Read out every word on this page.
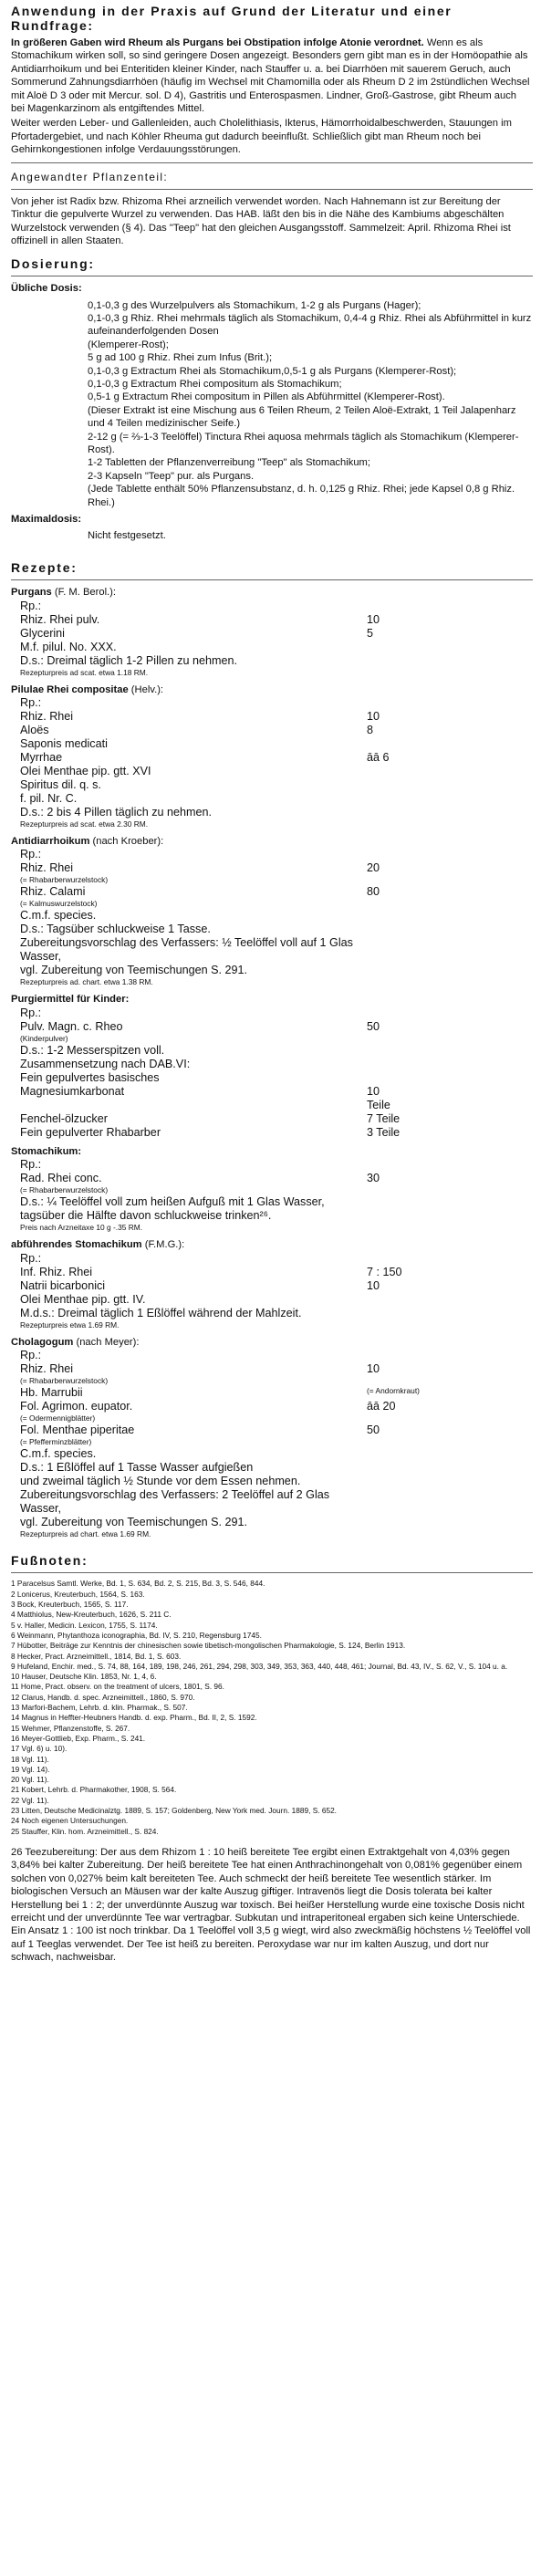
Anwendung in der Praxis auf Grund der Literatur und einer Rundfrage:
In größeren Gaben wird Rheum als Purgans bei Obstipation infolge Atonie verordnet. Wenn es als Stomachikum wirken soll, so sind geringere Dosen angezeigt. Besonders gern gibt man es in der Homöopathie als Antidiarrhoikum und bei Enteritiden kleiner Kinder, nach Stauffer u. a. bei Diarrhöen mit sauerem Geruch, auch Sommerund Zahnungsdiarrhöen (häufig im Wechsel mit Chamomilla oder als Rheum D 2 im 2stündlichen Wechsel mit Aloë D 3 oder mit Mercur. sol. D 4), Gastritis und Enterospasmen. Lindner, Groß-Gastrose, gibt Rheum auch bei Magenkarzinom als entgiftendes Mittel.
Weiter werden Leber- und Gallenleiden, auch Cholelithiasis, Ikterus, Hämorrhoidalbeschwerden, Stauungen im Pfortadergebiet, und nach Köhler Rheuma gut dadurch beeinflußt. Schließlich gibt man Rheum noch bei Gehirnkongestionen infolge Verdauungsstörungen.
Angewandter Pflanzenteil:
Von jeher ist Radix bzw. Rhizoma Rhei arzneilich verwendet worden. Nach Hahnemann ist zur Bereitung der Tinktur die gepulverte Wurzel zu verwenden. Das HAB. läßt den bis in die Nähe des Kambiums abgeschälten Wurzelstock verwenden (§ 4). Das "Teep" hat den gleichen Ausgangsstoff. Sammelzeit: April. Rhizoma Rhei ist offizinell in allen Staaten.
Dosierung:
Übliche Dosis:
0,1-0,3 g des Wurzelpulvers als Stomachikum, 1-2 g als Purgans (Hager);
0,1-0,3 g Rhiz. Rhei mehrmals täglich als Stomachikum, 0,4-4 g Rhiz. Rhei als Abführmittel in kurz aufeinanderfolgenden Dosen
(Klemperer-Rost);
5 g ad 100 g Rhiz. Rhei zum Infus (Brit.);
0,1-0,3 g Extractum Rhei als Stomachikum,0,5-1 g als Purgans (Klemperer-Rost);
0,1-0,3 g Extractum Rhei compositum als Stomachikum;
0,5-1 g Extractum Rhei compositum in Pillen als Abführmittel (Klemperer-Rost).
(Dieser Extrakt ist eine Mischung aus 6 Teilen Rheum, 2 Teilen Aloë-Extrakt, 1 Teil Jalapenharz und 4 Teilen medizinischer Seife.)
2-12 g (= ⅔-1-3 Teelöffel) Tinctura Rhei aquosa mehrmals täglich als Stomachikum (Klemperer-Rost).
1-2 Tabletten der Pflanzenverreibung "Teep" als Stomachikum;
2-3 Kapseln "Teep" pur. als Purgans.
(Jede Tablette enthält 50% Pflanzensubstanz, d. h. 0,125 g Rhiz. Rhei; jede Kapsel 0,8 g Rhiz. Rhei.)
Maximaldosis:
Nicht festgesetzt.
Rezepte:
Purgans (F. M. Berol.):
Rp.:
Rhiz. Rhei pulv.	10
Glycerini	5
M.f. pilul. No. XXX.
D.s.: Dreimal täglich 1-2 Pillen zu nehmen.
Rezepturpreis ad scat. etwa 1.18 RM.
Pilulae Rhei compositae (Helv.):
Rp.:
Rhiz. Rhei	10
Aloës	8
Saponis medicati
Myrrhae	āā 6
Olei Menthae pip. gtt. XVI
Spiritus dil. q. s.
f. pil. Nr. C.
D.s.: 2 bis 4 Pillen täglich zu nehmen.
Rezepturpreis ad scat. etwa 2.30 RM.
Antidiarrhoikum (nach Kroeber):
Rp.:
Rhiz. Rhei	20
(= Rhabarberwurzelstock)
Rhiz. Calami	80
(= Kalmuswurzelstock)
C.m.f. species.
D.s.: Tagsüber schluckweise 1 Tasse.
Zubereitungsvorschlag des Verfassers: ½ Teelöffel voll auf 1 Glas Wasser,
vgl. Zubereitung von Teemischungen S. 291.
Rezepturpreis ad. chart. etwa 1.38 RM.
Purgiermittel für Kinder:
Rp.:
Pulv. Magn. c. Rheo	50
(Kinderpulver)
D.s.: 1-2 Messerspitzen voll.
Zusammensetzung nach DAB.VI:
Fein gepulvertes basisches
Magnesiumkarbonat	10
Teile
Fenchel-ölzucker	7 Teile
Fein gepulverter Rhabarber	3 Teile
Stomachikum:
Rp.:
Rad. Rhei conc.	30
(= Rhabarberwurzelstock)
D.s.: ¼ Teelöffel voll zum heißen Aufguß mit 1 Glas Wasser, tagsüber die Hälfte davon schluckweise trinken²⁶.
Preis nach Arzneitaxe 10 g -.35 RM.
abführendes Stomachikum (F.M.G.):
Rp.:
Inf. Rhiz. Rhei	7 : 150
Natrii bicarbonici	10
Olei Menthae pip. gtt. IV.
M.d.s.: Dreimal täglich 1 Eßlöffel während der Mahlzeit.
Rezepturpreis etwa 1.69 RM.
Cholagogum (nach Meyer):
Rp.:
Rhiz. Rhei	10
(= Rhabarberwurzelstock)
Hb. Marrubii	(= Andornkraut)
Fol. Agrimon. eupator.	āā 20
(= Odermennigblätter)
Fol. Menthae piperitae	50
(= Pfefferminzblätter)
C.m.f. species.
D.s.: 1 Eßlöffel auf 1 Tasse Wasser aufgießen
und zweimal täglich ½ Stunde vor dem Essen nehmen.
Zubereitungsvorschlag des Verfassers: 2 Teelöffel auf 2 Glas Wasser,
vgl. Zubereitung von Teemischungen S. 291.
Rezepturpreis ad chart. etwa 1.69 RM.
Fußnoten:
1 Paracelsus Samtl. Werke, Bd. 1, S. 634, Bd. 2, S. 215, Bd. 3, S. 546, 844.
2 Lonicerus, Kreuterbuch, 1564, S. 163.
3 Bock, Kreuterbuch, 1565, S. 117.
4 Matthiolus, New-Kreuterbuch, 1626, S. 211 C.
5 v. Haller, Medicin. Lexicon, 1755, S. 1174.
6 Weinmann, Phytanthoza iconographia, Bd. IV, S. 210, Regensburg 1745.
7 Hübotter, Beiträge zur Kenntnis der chinesischen sowie tibetisch-mongolischen Pharmakologie, S. 124, Berlin 1913.
8 Hecker, Pract. Arzneimittell., 1814, Bd. 1, S. 603.
9 Hufeland, Enchir. med., S. 74, 88, 164, 189, 198, 246, 261, 294, 298, 303, 349, 353, 363, 440, 448, 461; Journal, Bd. 43, IV., S. 62, V., S. 104 u. a.
10 Hauser, Deutsche Klin. 1853, Nr. 1, 4, 6.
11 Home, Pract. observ. on the treatment of ulcers, 1801, S. 96.
12 Clarus, Handb. d. spec. Arzneimittell., 1860, S. 970.
13 Marfori-Bachem, Lehrb. d. klin. Pharmak., S. 507.
14 Magnus in Heffter-Heubners Handb. d. exp. Pharm., Bd. II, 2, S. 1592.
15 Wehmer, Pflanzenstoffe, S. 267.
16 Meyer-Gottlieb, Exp. Pharm., S. 241.
17 Vgl. 6) u. 10).
18 Vgl. 11).
19 Vgl. 14).
20 Vgl. 11).
21 Kobert, Lehrb. d. Pharmakother, 1908, S. 564.
22 Vgl. 11).
23 Litten, Deutsche Medicinalztg. 1889, S. 157; Goldenberg, New York med. Journ. 1889, S. 652.
24 Noch eigenen Untersuchungen.
25 Stauffer, Klin. hom. Arzneimittell., S. 824.
26 Teezubereitung: Der aus dem Rhizom 1 : 10 heiß bereitete Tee ergibt einen Extraktgehalt von 4,03% gegen 3,84% bei kalter Zubereitung. Der heiß bereitete Tee hat einen Anthrachinongehalt von 0,081% gegenüber einem solchen von 0,027% beim kalt bereiteten Tee. Auch schmeckt der heiß bereitete Tee wesentlich stärker. Im biologischen Versuch an Mäusen war der kalte Auszug giftiger. Intravenös liegt die Dosis tolerata bei kalter Herstellung bei 1 : 2; der unverdünnte Auszug war toxisch. Bei heißer Herstellung wurde eine toxische Dosis nicht erreicht und der unverdünnte Tee war vertragbar. Subkutan und intraperitoneal ergaben sich keine Unterschiede. Ein Ansatz 1 : 100 ist noch trinkbar. Da 1 Teelöffel voll 3,5 g wiegt, wird also zweckmäßig höchstens ½ Teelöffel voll auf 1 Teeglas verwendet. Der Tee ist heiß zu bereiten. Peroxydase war nur im kalten Auszug, und dort nur schwach, nachweisbar.
